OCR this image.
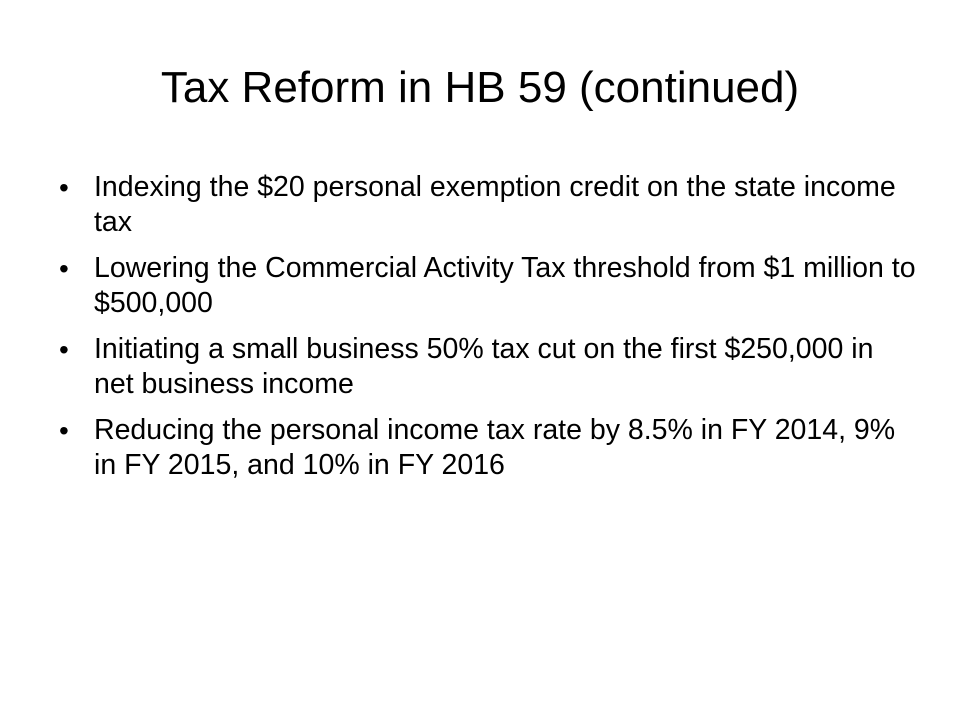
Tax Reform in HB 59 (continued)
• Indexing the $20 personal exemption credit on the state income tax
• Lowering the Commercial Activity Tax threshold from $1 million to $500,000
• Initiating a small business 50% tax cut on the first $250,000 in net business income
• Reducing the personal income tax rate by 8.5% in FY 2014, 9% in FY 2015, and 10% in FY 2016
